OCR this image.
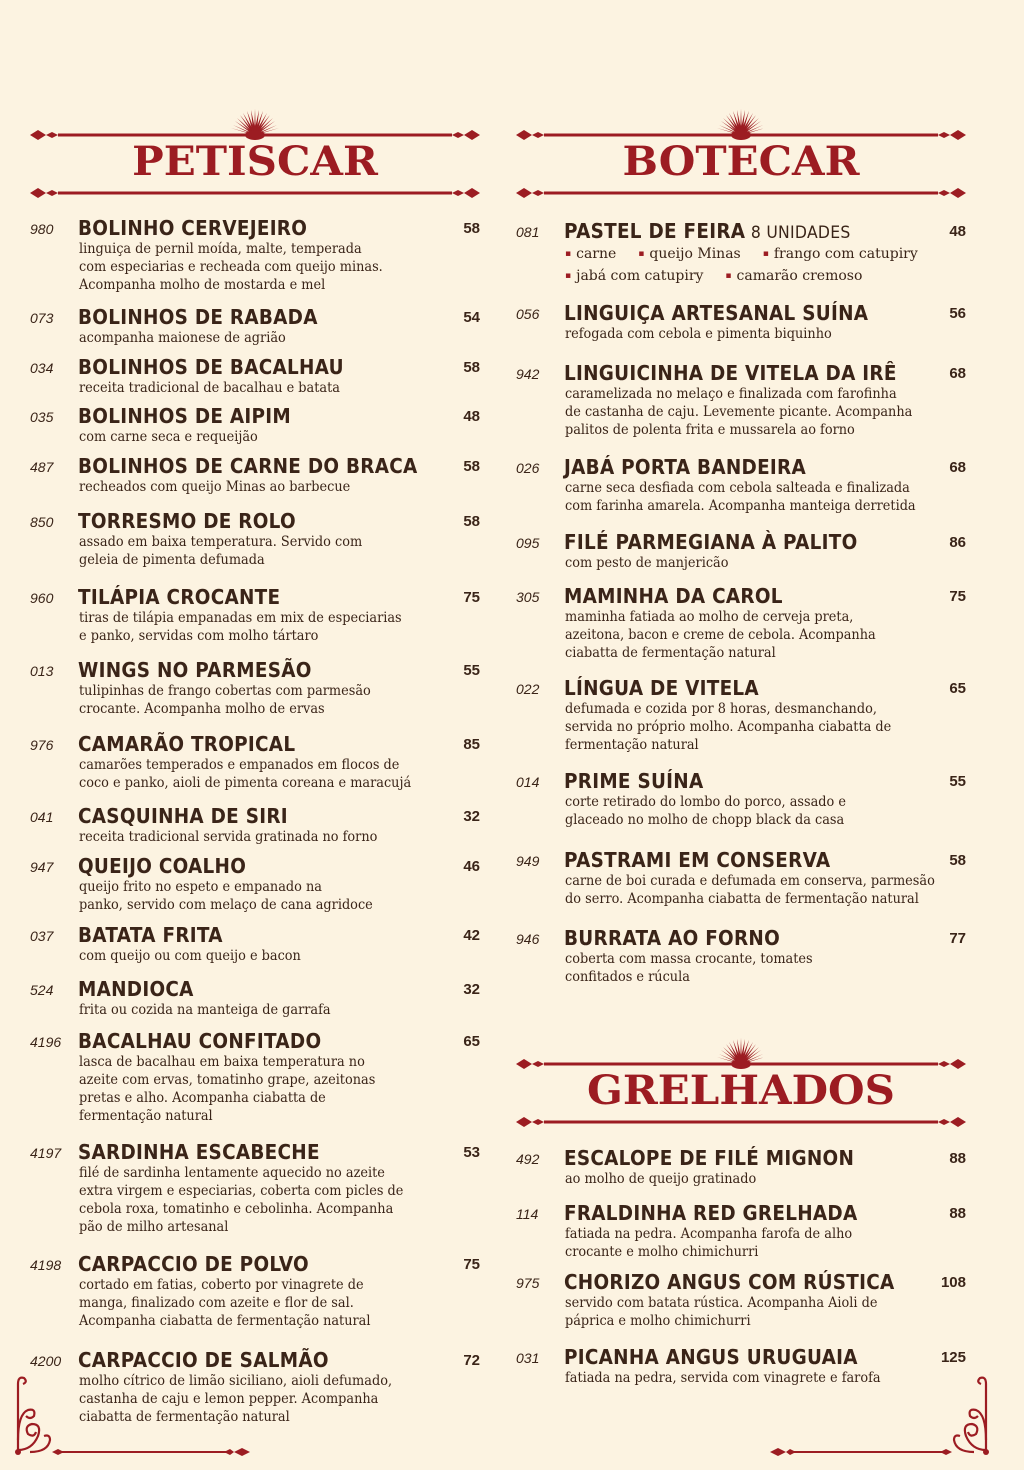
PETISCAR
980 BOLINHO CERVEJEIRO	58
linguiça de pernil moída, malte, temperada
com especiarias e recheada com queijo minas.
Acompanha molho de mostarda e mel
073 BOLINHOS DE RABADA	54
acompanha maionese de agrião
034 BOLINHOS DE BACALHAU	58
receita tradicional de bacalhau e batata
035 BOLINHOS DE AIPIM	48
com carne seca e requeijão
487 BOLINHOS DE CARNE DO BRACA	58
recheados com queijo Minas ao barbecue
850 TORRESMO DE ROLO	58
assado em baixa temperatura. Servido com
geleia de pimenta defumada
960 TILÁPIA CROCANTE	75
tiras de tilápia empanadas em mix de especiarias
e panko, servidas com molho tártaro
013 WINGS NO PARMESÃO	55
tulipinhas de frango cobertas com parmesão
crocante. Acompanha molho de ervas
976 CAMARÃO TROPICAL	85
camarões temperados e empanados em flocos de
coco e panko, aioli de pimenta coreana e maracujá
041 CASQUINHA DE SIRI	32
receita tradicional servida gratinada no forno
947 QUEIJO COALHO	46
queijo frito no espeto e empanado na
panko, servido com melaço de cana agridoce
037 BATATA FRITA	42
com queijo ou com queijo e bacon
524 MANDIOCA	32
frita ou cozida na manteiga de garrafa
4196 BACALHAU CONFITADO	65
lasca de bacalhau em baixa temperatura no
azeite com ervas, tomatinho grape, azeitonas
pretas e alho. Acompanha ciabatta de
fermentação natural
4197 SARDINHA ESCABECHE	53
filé de sardinha lentamente aquecido no azeite
extra virgem e especiarias, coberta com picles de
cebola roxa, tomatinho e cebolinha. Acompanha
pão de milho artesanal
4198 CARPACCIO DE POLVO	75
cortado em fatias, coberto por vinagrete de
manga, finalizado com azeite e flor de sal.
Acompanha ciabatta de fermentação natural
4200 CARPACCIO DE SALMÃO	72
molho cítrico de limão siciliano, aioli defumado,
castanha de caju e lemon pepper. Acompanha
ciabatta de fermentação natural
BOTECAR
081 PASTEL DE FEIRA 8 UNIDADES	48
▪ carne ▪ queijo Minas ▪ frango com catupiry
▪ jabá com catupiry ▪ camarão cremoso
056 LINGUIÇA ARTESANAL SUÍNA	56
refogada com cebola e pimenta biquinho
942 LINGUICINHA DE VITELA DA IRÊ	68
caramelizada no melaço e finalizada com farofinha
de castanha de caju. Levemente picante. Acompanha
palitos de polenta frita e mussarela ao forno
026 JABÁ PORTA BANDEIRA	68
carne seca desfiada com cebola salteada e finalizada
com farinha amarela. Acompanha manteiga derretida
095 FILÉ PARMEGIANA À PALITO	86
com pesto de manjericão
305 MAMINHA DA CAROL	75
maminha fatiada ao molho de cerveja preta,
azeitona, bacon e creme de cebola. Acompanha
ciabatta de fermentação natural
022 LÍNGUA DE VITELA	65
defumada e cozida por 8 horas, desmanchando,
servida no próprio molho. Acompanha ciabatta de
fermentação natural
014 PRIME SUÍNA	55
corte retirado do lombo do porco, assado e
glaceado no molho de chopp black da casa
949 PASTRAMI EM CONSERVA	58
carne de boi curada e defumada em conserva, parmesão
do serro. Acompanha ciabatta de fermentação natural
946 BURRATA AO FORNO	77
coberta com massa crocante, tomates
confitados e rúcula
GRELHADOS
492 ESCALOPE DE FILÉ MIGNON	88
ao molho de queijo gratinado
114 FRALDINHA RED GRELHADA	88
fatiada na pedra. Acompanha farofa de alho
crocante e molho chimichurri
975 CHORIZO ANGUS COM RÚSTICA	108
servido com batata rústica. Acompanha Aioli de
páprica e molho chimichurri
031 PICANHA ANGUS URUGUAIA	125
fatiada na pedra, servida com vinagrete e farofa
